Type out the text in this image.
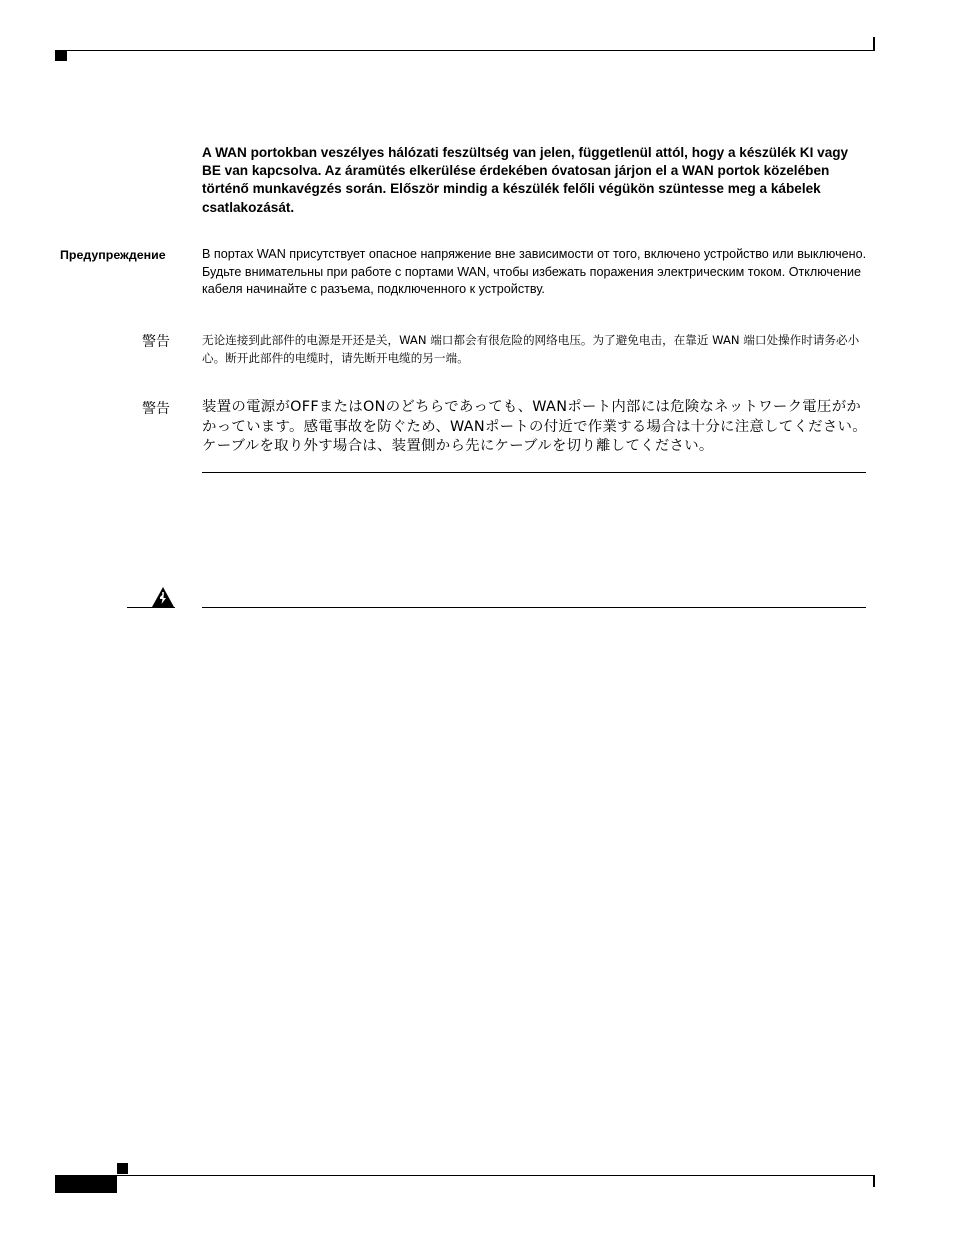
A WAN portokban veszélyes hálózati feszültség van jelen, függetlenül attól, hogy a készülék KI vagy BE van kapcsolva. Az áramütés elkerülése érdekében óvatosan járjon el a WAN portok közelében történő munkavégzés során. Először mindig a készülék felőli végükön szüntesse meg a kábelek csatlakozását.

Предупреждение	В портах WAN присутствует опасное напряжение вне зависимости от того, включено устройство или выключено. Будьте внимательны при работе с портами WAN, чтобы избежать поражения электрическим током. Отключение кабеля начинайте с разъема, подключенного к устройству.

警告	无论连接到此部件的电源是开还是关，WAN 端口都会有很危险的网络电压。为了避免电击，在靠近 WAN 端口处操作时请务必小心。断开此部件的电缆时，请先断开电缆的另一端。

警告 装置の電源がOFFまたはONのどちらであっても、WANポート内部には危険なネットワーク電圧がかかっています。感電事故を防ぐため、WANポートの付近で作業する場合は十分に注意してください。ケーブルを取り外す場合は、装置側から先にケーブルを切り離してください。
